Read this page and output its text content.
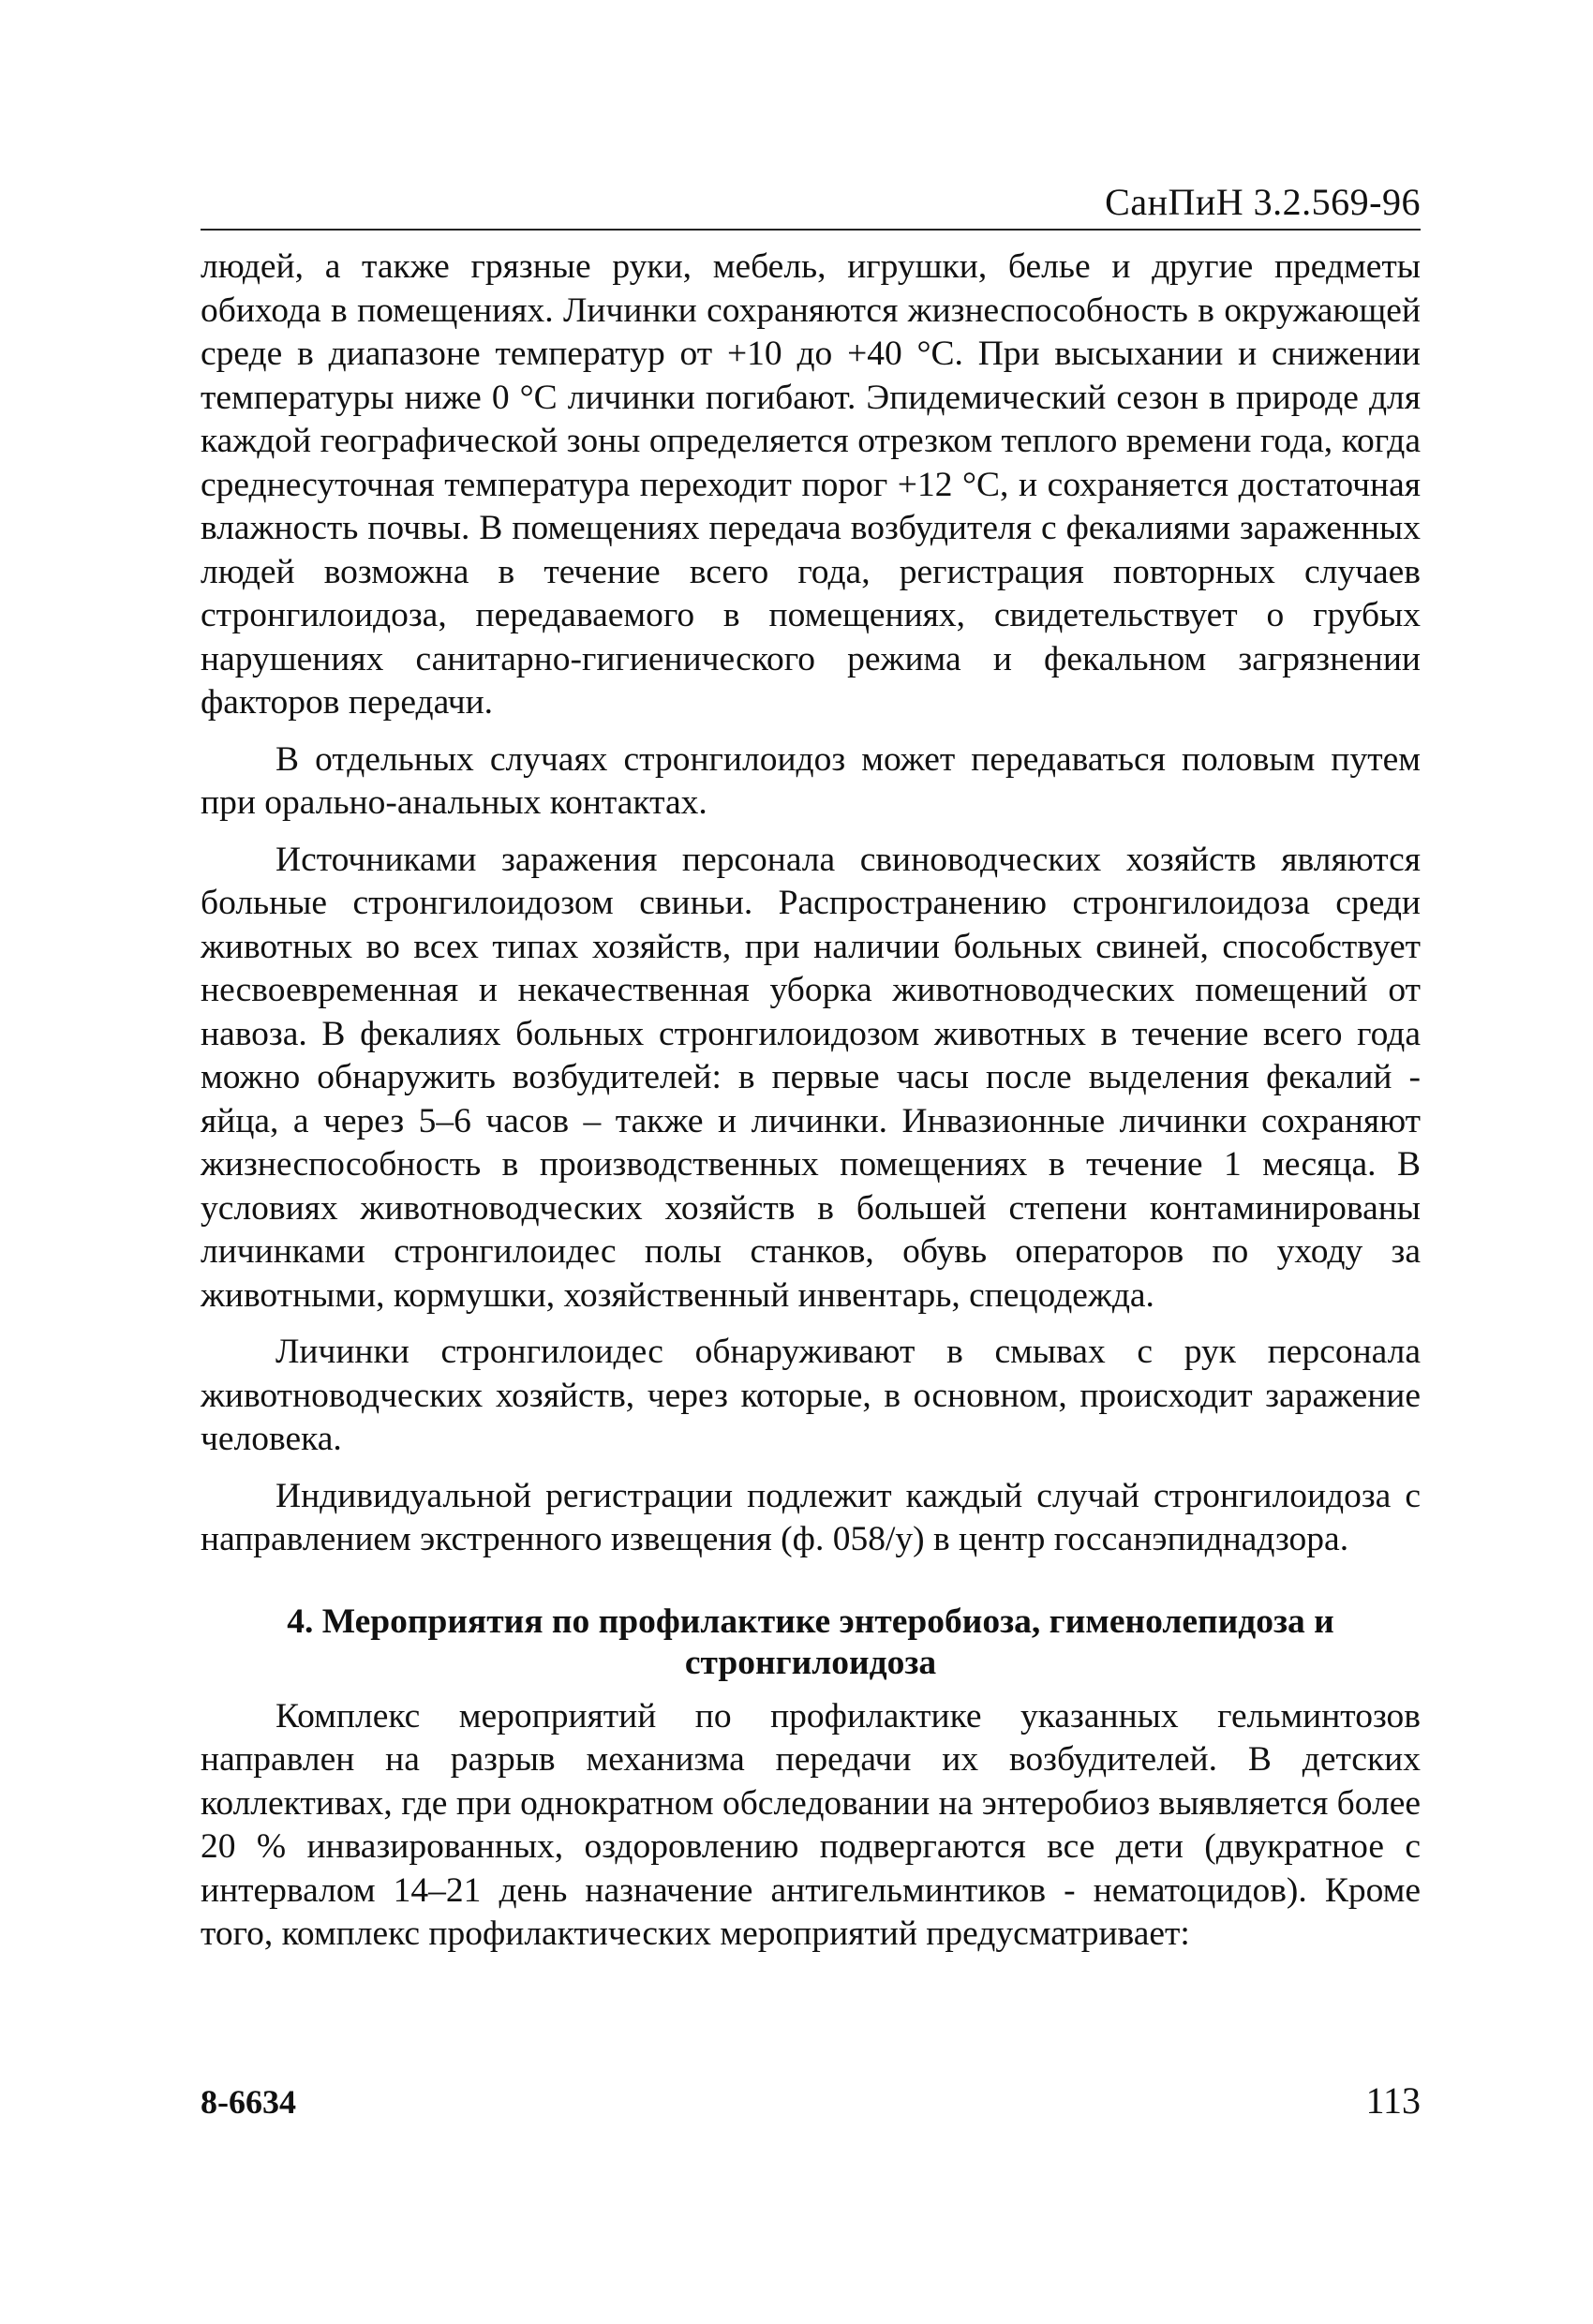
СанПиН 3.2.569-96

людей, а также грязные руки, мебель, игрушки, белье и другие предметы обихода в помещениях. Личинки сохраняются жизнеспособность в окружающей среде в диапазоне температур от +10 до +40 °С. При высыхании и снижении температуры ниже 0 °С личинки погибают. Эпидемический сезон в природе для каждой географической зоны определяется отрезком теплого времени года, когда среднесуточная температура переходит порог +12 °С, и сохраняется достаточная влажность почвы. В помещениях передача возбудителя с фекалиями зараженных людей возможна в течение всего года, регистрация повторных случаев стронгилоидоза, передаваемого в помещениях, свидетельствует о грубых нарушениях санитарно-гигиенического режима и фекальном загрязнении факторов передачи.

В отдельных случаях стронгилоидоз может передаваться половым путем при орально-анальных контактах.

Источниками заражения персонала свиноводческих хозяйств являются больные стронгилоидозом свиньи. Распространению стронгилоидоза среди животных во всех типах хозяйств, при наличии больных свиней, способствует несвоевременная и некачественная уборка животноводческих помещений от навоза. В фекалиях больных стронгилоидозом животных в течение всего года можно обнаружить возбудителей: в первые часы после выделения фекалий - яйца, а через 5–6 часов – также и личинки. Инвазионные личинки сохраняют жизнеспособность в производственных помещениях в течение 1 месяца. В условиях животноводческих хозяйств в большей степени контаминированы личинками стронгилоидес полы станков, обувь операторов по уходу за животными, кормушки, хозяйственный инвентарь, спецодежда.

Личинки стронгилоидес обнаруживают в смывах с рук персонала животноводческих хозяйств, через которые, в основном, происходит заражение человека.

Индивидуальной регистрации подлежит каждый случай стронгилоидоза с направлением экстренного извещения (ф. 058/у) в центр госсанэпиднадзора.

4. Мероприятия по профилактике энтеробиоза, гименолепидоза и стронгилоидоза

Комплекс мероприятий по профилактике указанных гельминтозов направлен на разрыв механизма передачи их возбудителей. В детских коллективах, где при однократном обследовании на энтеробиоз выявляется более 20 % инвазированных, оздоровлению подвергаются все дети (двукратное с интервалом 14–21 день назначение антигельминтиков - нематоцидов). Кроме того, комплекс профилактических мероприятий предусматривает:

8-6634	113
